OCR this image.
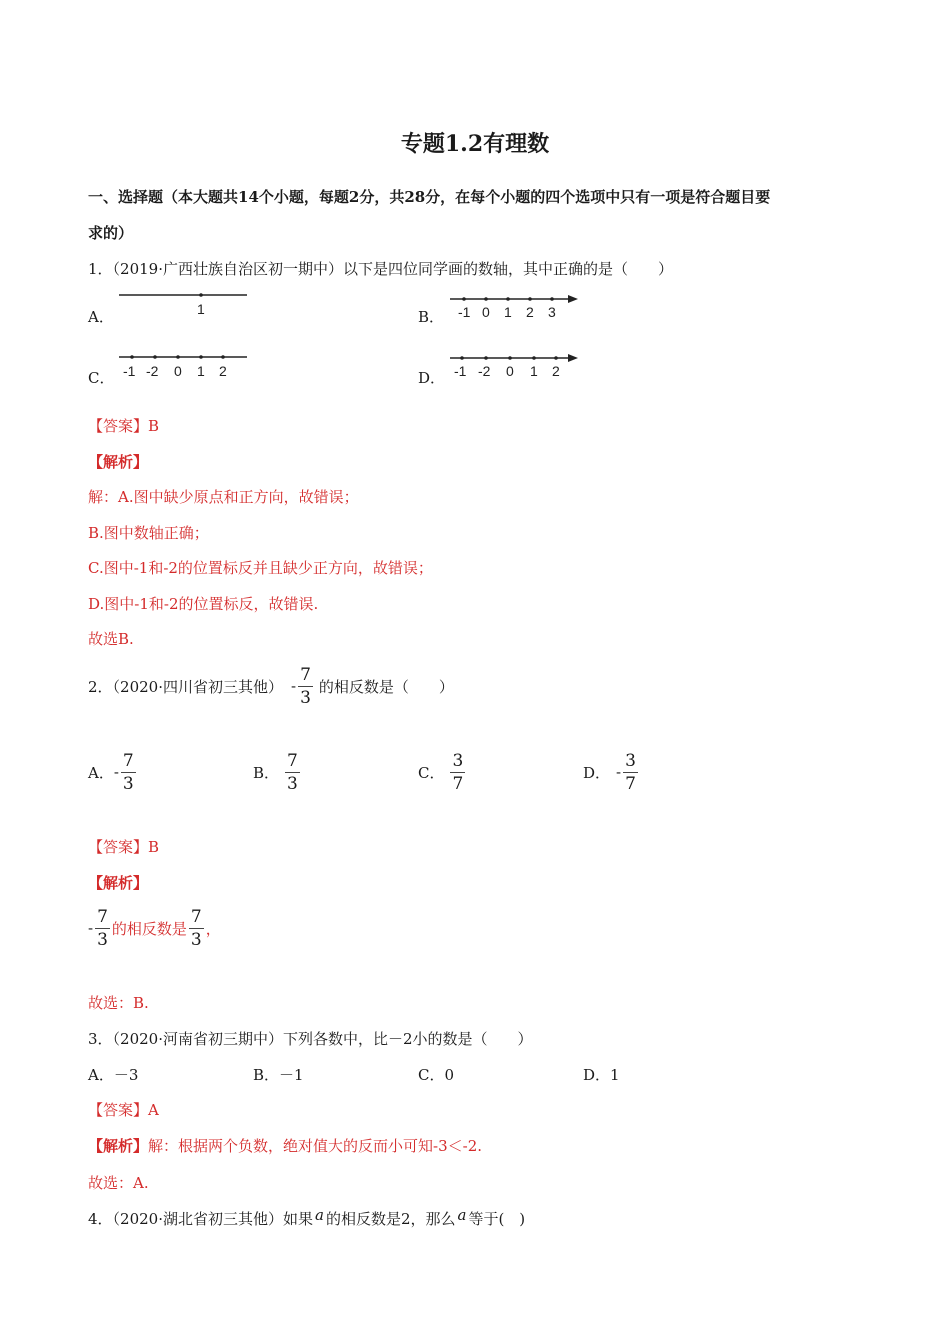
专题1.2有理数
一、选择题（本大题共14个小题，每题2分，共28分，在每个小题的四个选项中只有一项是符合题目要
求的）
1．（2019·广西壮族自治区初一期中）以下是四位同学画的数轴，其中正确的是（　　）
A．	1	B． -1 0 1 2 3
C． -1 -2 0 1 2	D． -1 -2 0 1 2
【答案】B
【解析】
解：A.图中缺少原点和正方向，故错误；
B.图中数轴正确；
C.图中-1和-2的位置标反并且缺少正方向，故错误；
D.图中-1和-2的位置标反，故错误.
故选B.
2．（2020·四川省初三其他） - $\frac{7}{3}$ 的相反数是（　　）
A． - $\frac{7}{3}$	B． $\frac{7}{3}$	C． $\frac{3}{7}$	D． - $\frac{3}{7}$
【答案】B
【解析】
- $\frac{7}{3}$ 的相反数是 $\frac{7}{3}$ ，
故选：B.
3．（2020·河南省初三期中）下列各数中，比－2小的数是（　　）
A．－3	B．－1	C．0	D．1
【答案】A
【解析】解：根据两个负数，绝对值大的反而小可知-3＜-2.
故选：A.
4．（2020·湖北省初三其他）如果 a 的相反数是2，那么 a 等于(　)
